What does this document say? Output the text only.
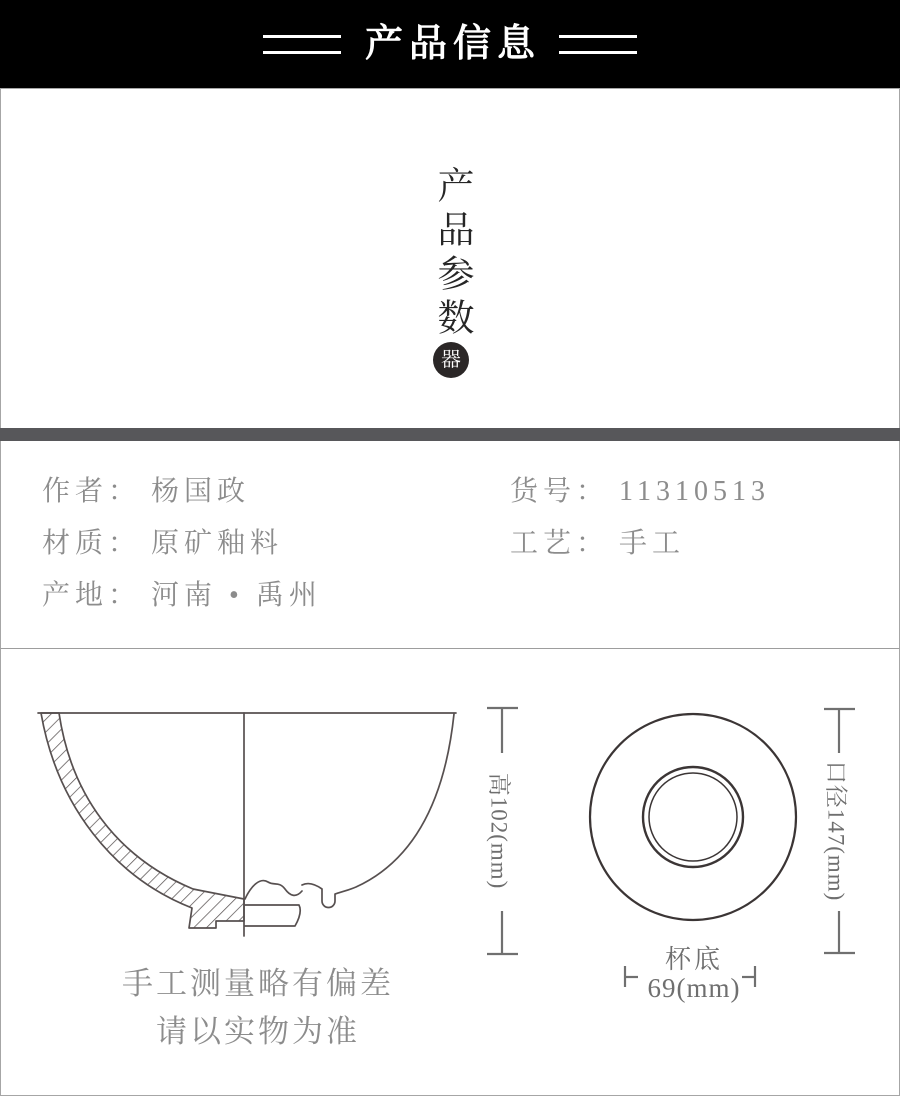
产品信息
产品参数
器
作者： 杨国政
材质： 原矿釉料
产地： 河南 • 禹州
货号： 11310513
工艺： 手工
高102(mm)	口径147(mm)
杯底
69(mm)
手工测量略有偏差
请以实物为准
